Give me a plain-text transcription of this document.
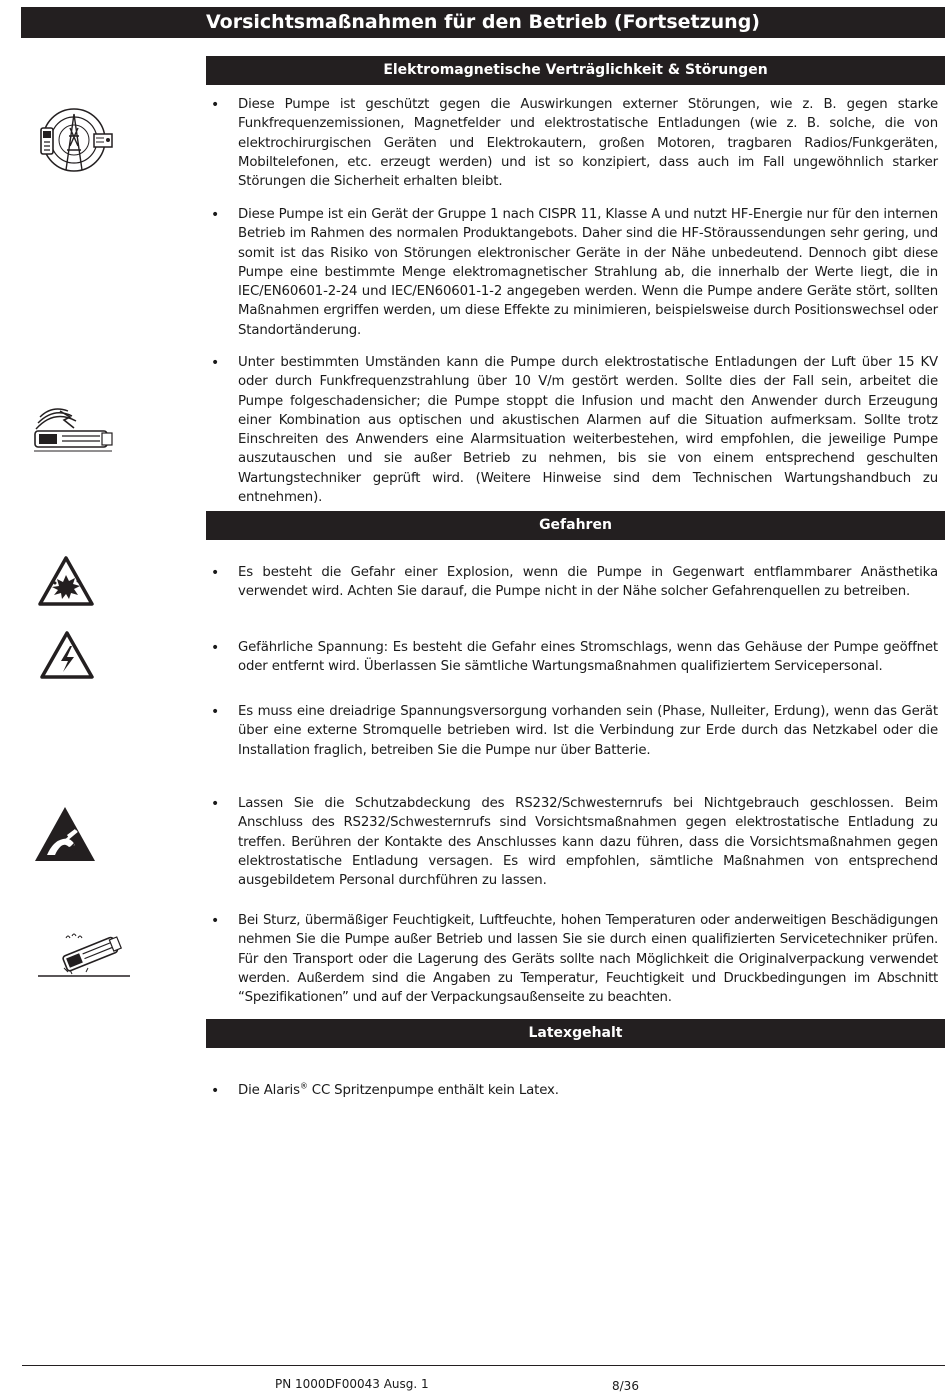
Vorsichtsmaßnahmen für den Betrieb (Fortsetzung)
Elektromagnetische Verträglichkeit & Störungen
•
Diese Pumpe ist geschützt gegen die Auswirkungen externer Störungen, wie z. B. gegen starke Funkfrequenzemissionen, Magnetfelder und elektrostatische Entladungen (wie z. B. solche, die von elektrochirurgischen Geräten und Elektrokautern, großen Motoren, tragbaren Radios/Funkgeräten, Mobiltelefonen, etc. erzeugt werden) und ist so konzipiert, dass auch im Fall ungewöhnlich starker Störungen die Sicherheit erhalten bleibt.
•
Diese Pumpe ist ein Gerät der Gruppe 1 nach CISPR 11, Klasse A und nutzt HF-Energie nur für den internen Betrieb im Rahmen des normalen Produktangebots. Daher sind die HF-Störaussendungen sehr gering, und somit ist das Risiko von Störungen elektronischer Geräte in der Nähe unbedeutend. Dennoch gibt diese Pumpe eine bestimmte Menge elektromagnetischer Strahlung ab, die innerhalb der Werte liegt, die in IEC/EN60601-2-24 und IEC/EN60601-1-2 angegeben werden. Wenn die Pumpe andere Geräte stört, sollten Maßnahmen ergriffen werden, um diese Effekte zu minimieren, beispielsweise durch Positionswechsel oder Standortänderung.
•
Unter bestimmten Umständen kann die Pumpe durch elektrostatische Entladungen der Luft über 15 KV oder durch Funkfrequenzstrahlung über 10 V/m gestört werden. Sollte dies der Fall sein, arbeitet die Pumpe folgeschadensicher; die Pumpe stoppt die Infusion und macht den Anwender durch Erzeugung einer Kombination aus optischen und akustischen Alarmen auf die Situation aufmerksam. Sollte trotz Einschreiten des Anwenders eine Alarmsituation weiterbestehen, wird empfohlen, die jeweilige Pumpe auszutauschen und sie außer Betrieb zu nehmen, bis sie von einem entsprechend geschulten Wartungstechniker geprüft wird. (Weitere Hinweise sind dem Technischen Wartungshandbuch zu entnehmen).
Gefahren
•
Es besteht die Gefahr einer Explosion, wenn die Pumpe in Gegenwart entflammbarer Anästhetika verwendet wird. Achten Sie darauf, die Pumpe nicht in der Nähe solcher Gefahrenquellen zu betreiben.
•
Gefährliche Spannung: Es besteht die Gefahr eines Stromschlags, wenn das Gehäuse der Pumpe geöffnet oder entfernt wird. Überlassen Sie sämtliche Wartungsmaßnahmen qualifiziertem Servicepersonal.
•
Es muss eine dreiadrige Spannungsversorgung vorhanden sein (Phase, Nulleiter, Erdung), wenn das Gerät über eine externe Stromquelle betrieben wird. Ist die Verbindung zur Erde durch das Netzkabel oder die Installation fraglich, betreiben Sie die Pumpe nur über Batterie.
•
Lassen Sie die Schutzabdeckung des RS232/Schwesternrufs bei Nichtgebrauch geschlossen. Beim Anschluss des RS232/Schwesternrufs sind Vorsichtsmaßnahmen gegen elektrostatische Entladung zu treffen. Berühren der Kontakte des Anschlusses kann dazu führen, dass die Vorsichtsmaßnahmen gegen elektrostatische Entladung versagen. Es wird empfohlen, sämtliche Maßnahmen von entsprechend ausgebildetem Personal durchführen zu lassen.
•
Bei Sturz, übermäßiger Feuchtigkeit, Luftfeuchte, hohen Temperaturen oder anderweitigen Beschädigungen nehmen Sie die Pumpe außer Betrieb und lassen Sie sie durch einen qualifizierten Servicetechniker prüfen. Für den Transport oder die Lagerung des Geräts sollte nach Möglichkeit die Originalverpackung verwendet werden. Außerdem sind die Angaben zu Temperatur, Feuchtigkeit und Druckbedingungen im Abschnitt “Spezifikationen” und auf der Verpackungsaußenseite zu beachten.
Latexgehalt
•
Die Alaris® CC Spritzenpumpe enthält kein Latex.
PN 1000DF00043 Ausg. 1	8/36
